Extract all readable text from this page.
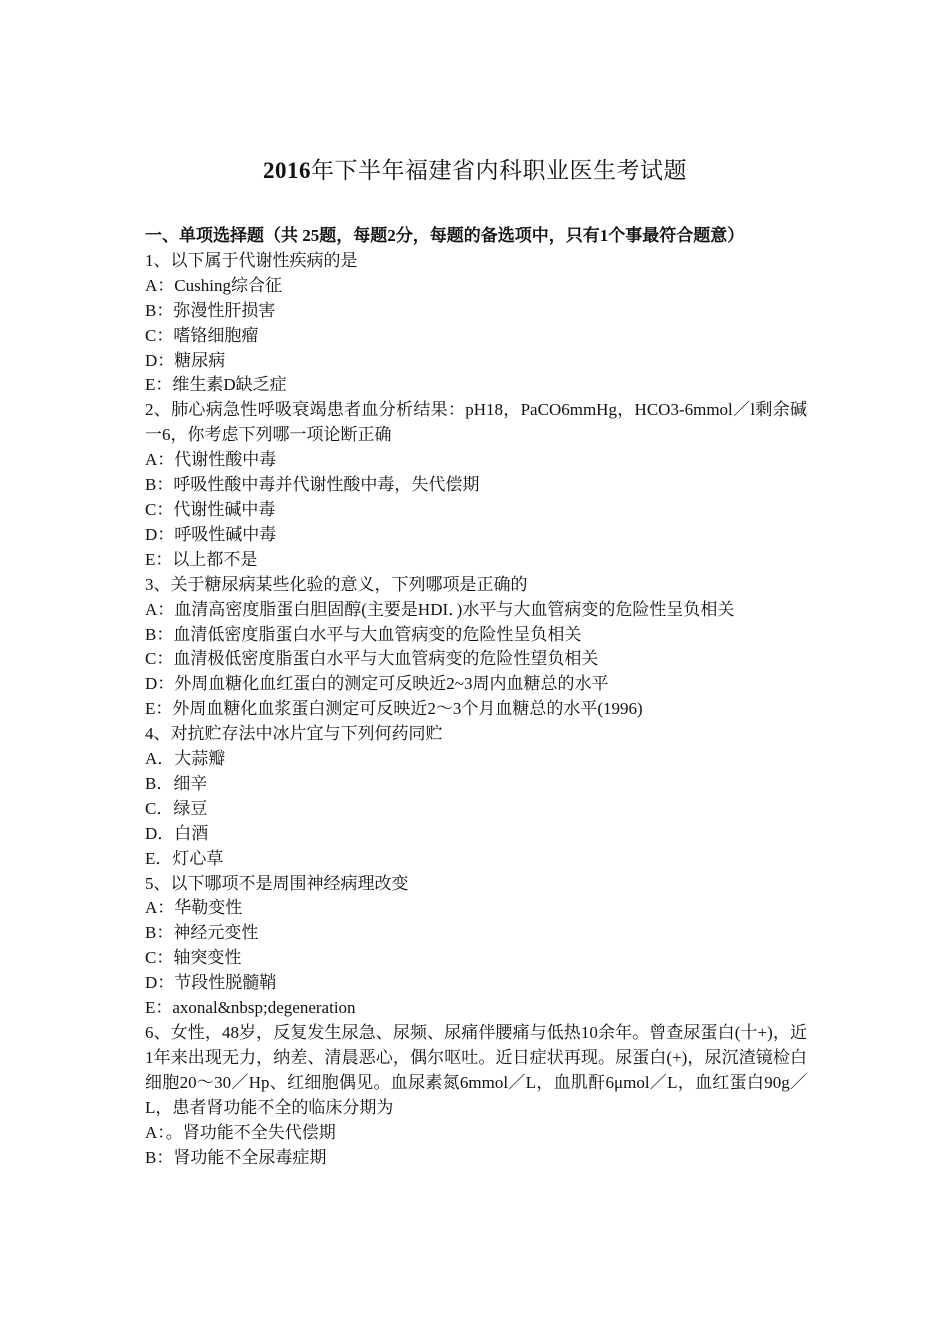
2016年下半年福建省内科职业医生考试题
一、单项选择题（共 25题，每题2分，每题的备选项中，只有1个事最符合题意）
1、以下属于代谢性疾病的是
A：Cushing综合征
B：弥漫性肝损害
C：嗜铬细胞瘤
D：糖尿病
E：维生素D缺乏症
2、肺心病急性呼吸衰竭患者血分析结果：pH18，PaCO6mmHg，HCO3-6mmol／l剩余碱一6，你考虑下列哪一项论断正确
A：代谢性酸中毒
B：呼吸性酸中毒并代谢性酸中毒，失代偿期
C：代谢性碱中毒
D：呼吸性碱中毒
E：以上都不是
3、关于糖尿病某些化验的意义，下列哪项是正确的
A：血清高密度脂蛋白胆固醇(主要是HDI．)水平与大血管病变的危险性呈负相关
B：血清低密度脂蛋白水平与大血管病变的危险性呈负相关
C：血清极低密度脂蛋白水平与大血管病变的危险性望负相关
D：外周血糖化血红蛋白的测定可反映近2~3周内血糖总的水平
E：外周血糖化血浆蛋白测定可反映近2～3个月血糖总的水平(1996)
4、对抗贮存法中冰片宜与下列何药同贮
A．大蒜瓣
B．细辛
C．绿豆
D．白酒
E．灯心草
5、以下哪项不是周围神经病理改变
A：华勒变性
B：神经元变性
C：轴突变性
D：节段性脱髓鞘
E：axonal&nbsp;degeneration
6、女性，48岁，反复发生尿急、尿频、尿痛伴腰痛与低热10余年。曾查尿蛋白(十+)，近1年来出现无力，纳差、清晨恶心，偶尔呕吐。近日症状再现。尿蛋白(+)，尿沉渣镜检白细胞20～30／Hp、红细胞偶见。血尿素氮6mmol／L，血肌酐6μmol／L，血红蛋白90g／L，患者肾功能不全的临床分期为
A：。肾功能不全失代偿期
B：肾功能不全尿毒症期
